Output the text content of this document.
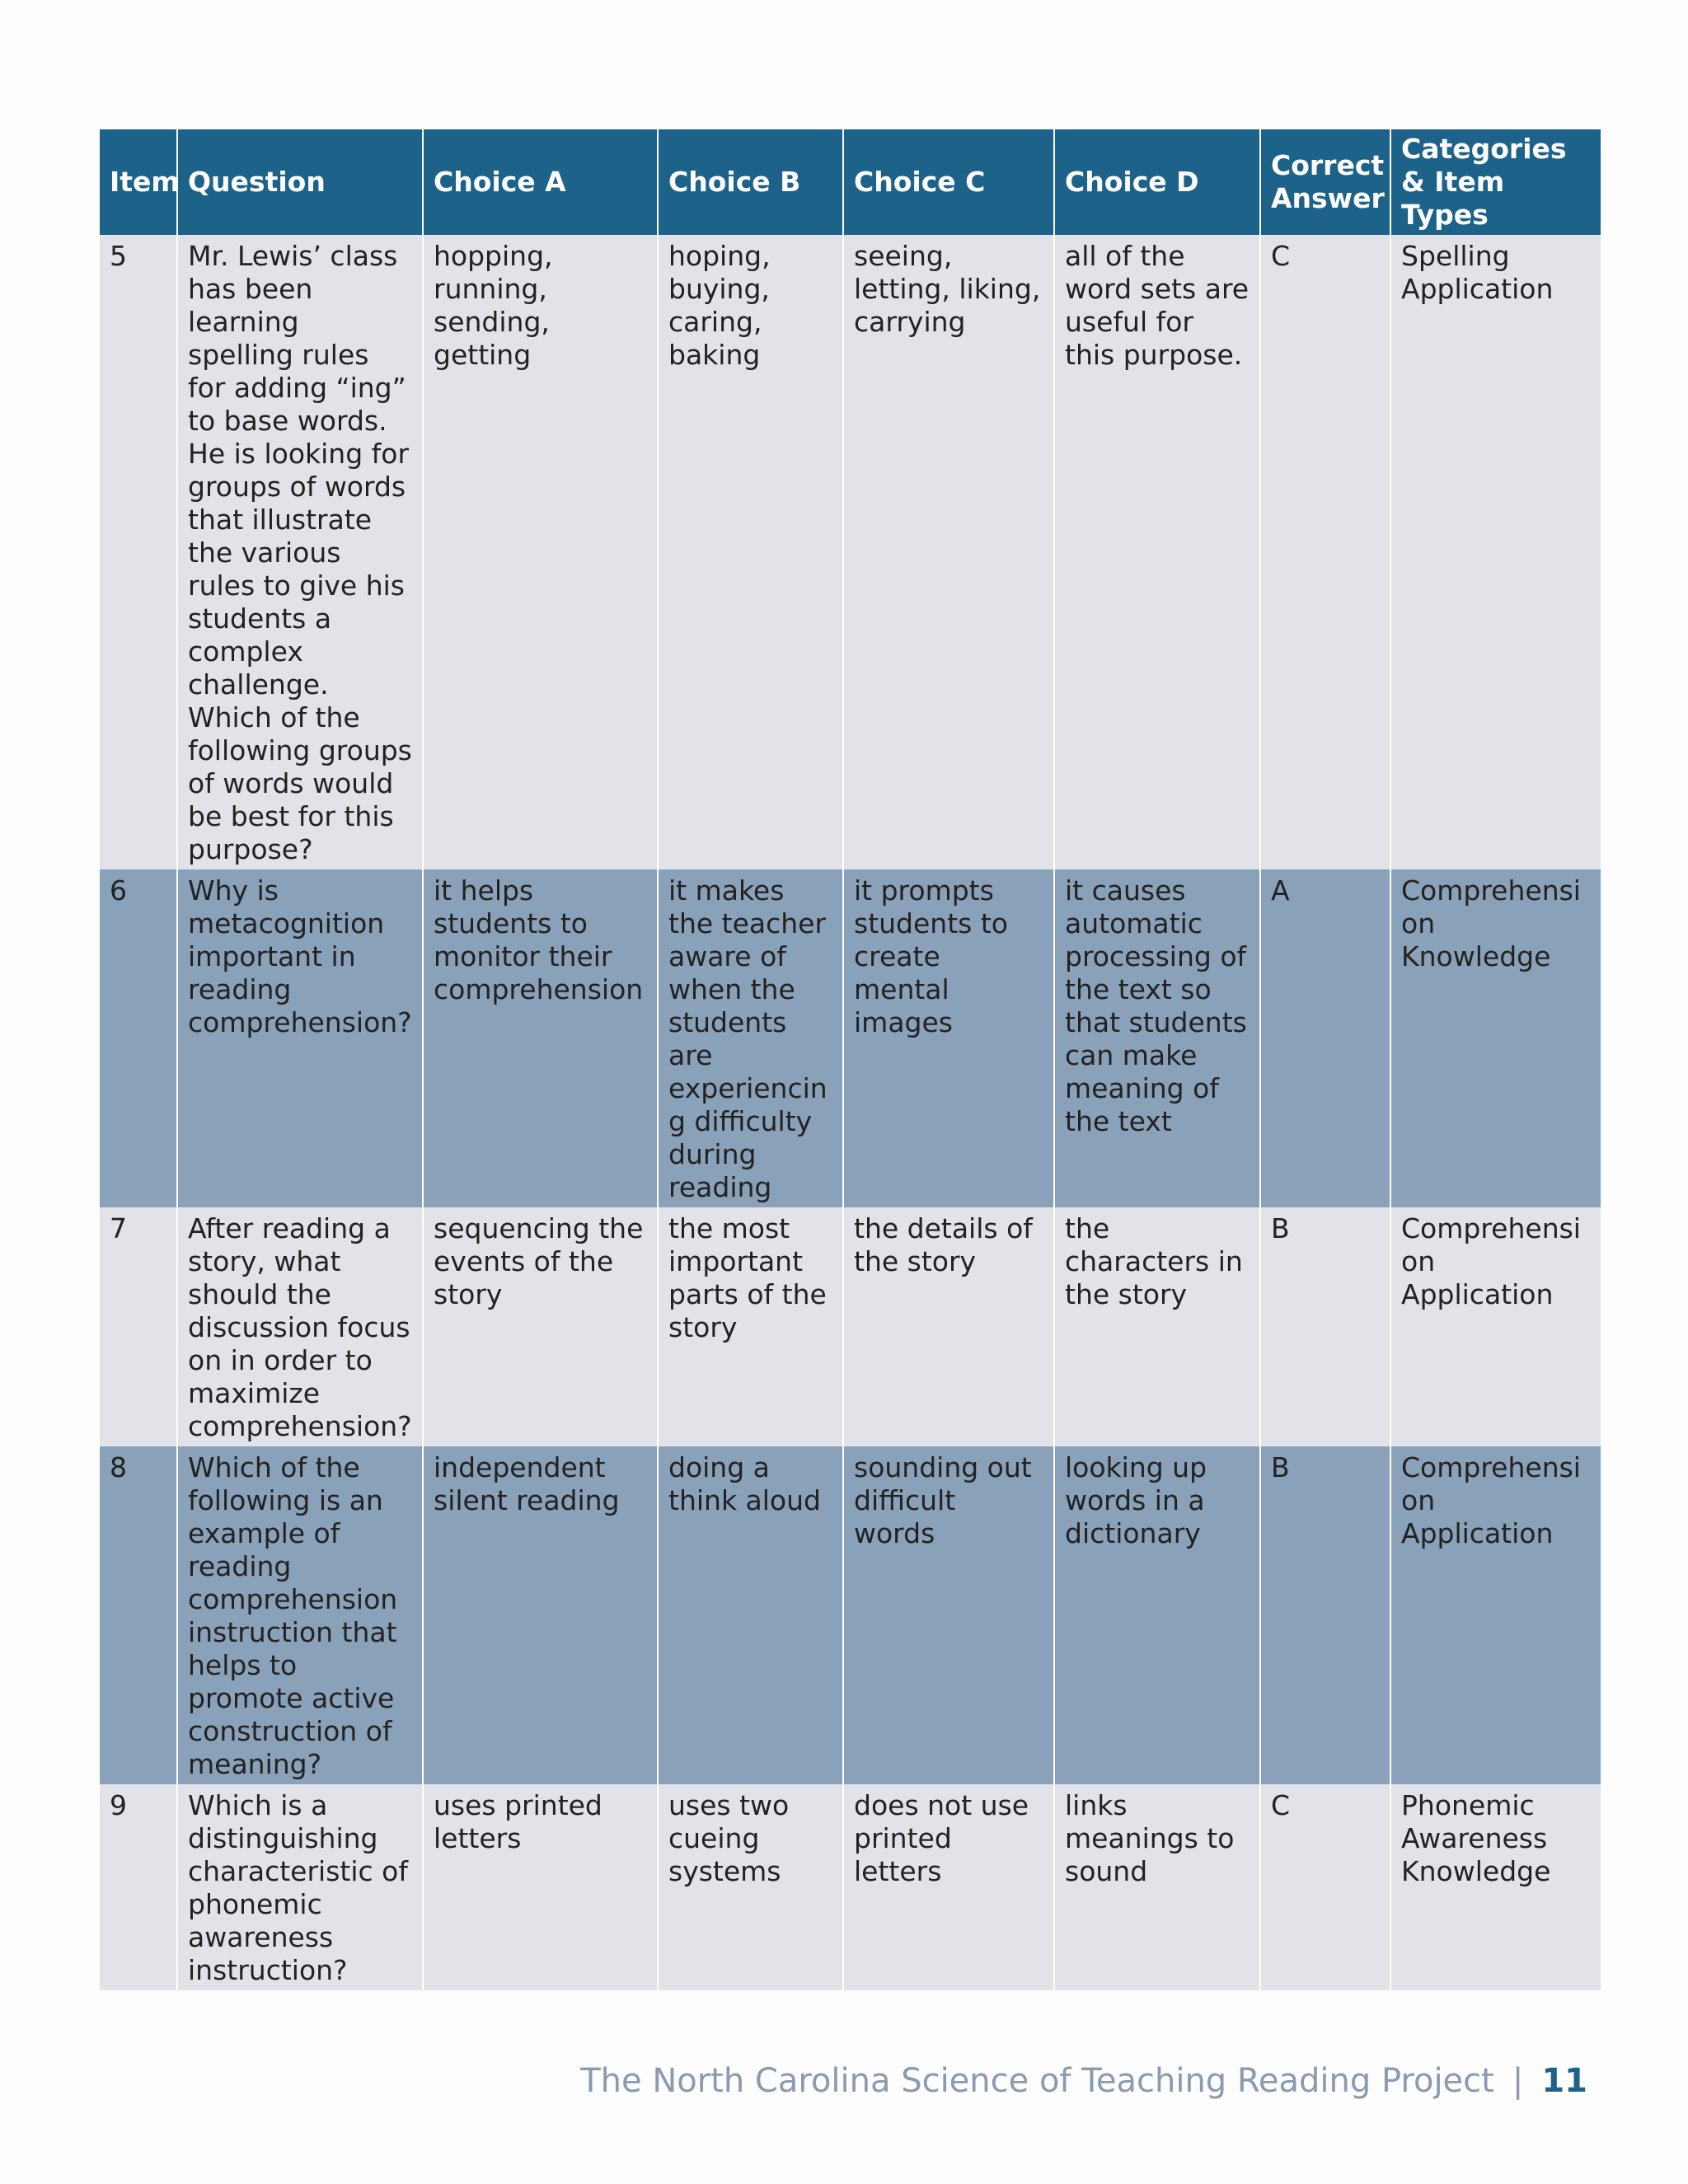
Item	Question	Choice A	Choice B	Choice C	Choice D	Correct Answer	Categories & Item Types
5	Mr. Lewis’ class has been learning spelling rules for adding “ing” to base words. He is looking for groups of words that illustrate the various rules to give his students a complex challenge. Which of the following groups of words would be best for this purpose?	hopping, running, sending, getting	hoping, buying, caring, baking	seeing, letting, liking, carrying	all of the word sets are useful for this purpose.	C	Spelling Application
6	Why is metacognition important in reading comprehension?	it helps students to monitor their comprehension	it makes the teacher aware of when the students are experiencing difficulty during reading	it prompts students to create mental images	it causes automatic processing of the text so that students can make meaning of the text	A	Comprehension Knowledge
7	After reading a story, what should the discussion focus on in order to maximize comprehension?	sequencing the events of the story	the most important parts of the story	the details of the story	the characters in the story	B	Comprehension Application
8	Which of the following is an example of reading comprehension instruction that helps to promote active construction of meaning?	independent silent reading	doing a think aloud	sounding out difficult words	looking up words in a dictionary	B	Comprehension Application
9	Which is a distinguishing characteristic of phonemic awareness instruction?	uses printed letters	uses two cueing systems	does not use printed letters	links meanings to sound	C	Phonemic Awareness Knowledge
The North Carolina Science of Teaching Reading Project | 11
